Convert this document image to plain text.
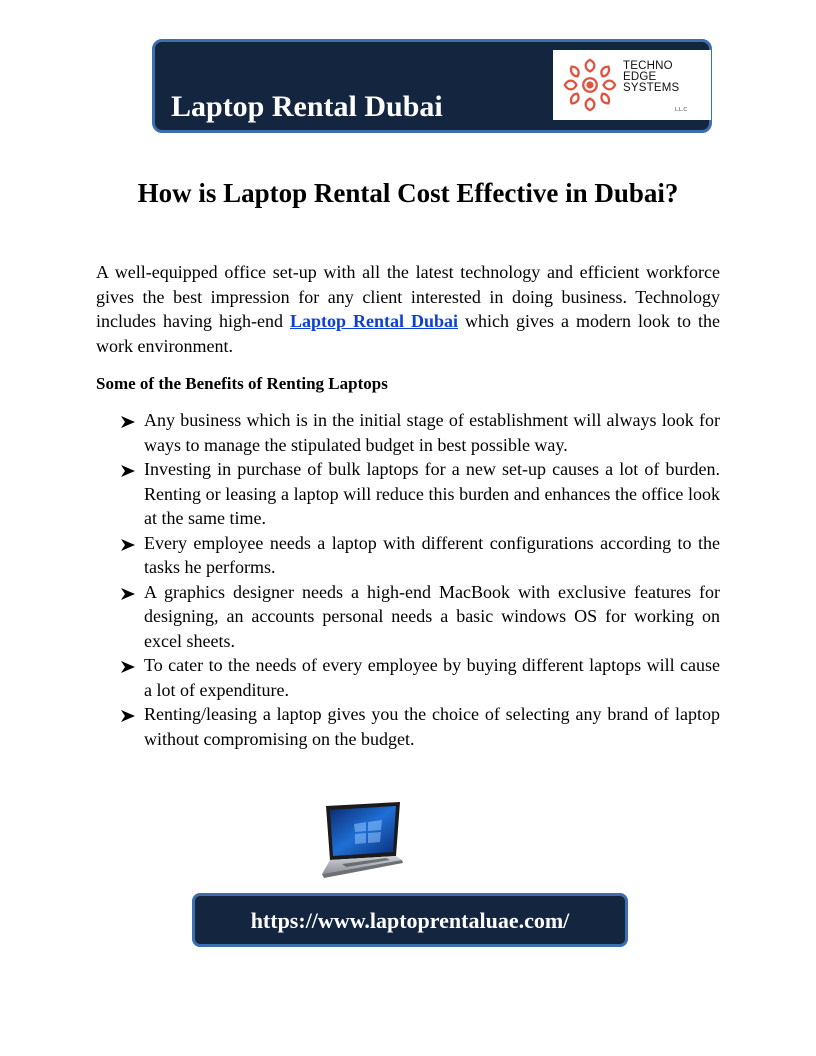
Laptop Rental Dubai
TECHNO
EDGE
SYSTEMS
L.L.C
How is Laptop Rental Cost Effective in Dubai?

A well-equipped office set-up with all the latest technology and efficient workforce gives the best impression for any client interested in doing business. Technology includes having high-end Laptop Rental Dubai which gives a modern look to the work environment.

Some of the Benefits of Renting Laptops
Any business which is in the initial stage of establishment will always look for ways to manage the stipulated budget in best possible way.
Investing in purchase of bulk laptops for a new set-up causes a lot of burden. Renting or leasing a laptop will reduce this burden and enhances the office look at the same time.
Every employee needs a laptop with different configurations according to the tasks he performs.
A graphics designer needs a high-end MacBook with exclusive features for designing, an accounts personal needs a basic windows OS for working on excel sheets.
To cater to the needs of every employee by buying different laptops will cause a lot of expenditure.
Renting/leasing a laptop gives you the choice of selecting any brand of laptop without compromising on the budget.
https://www.laptoprentaluae.com/
